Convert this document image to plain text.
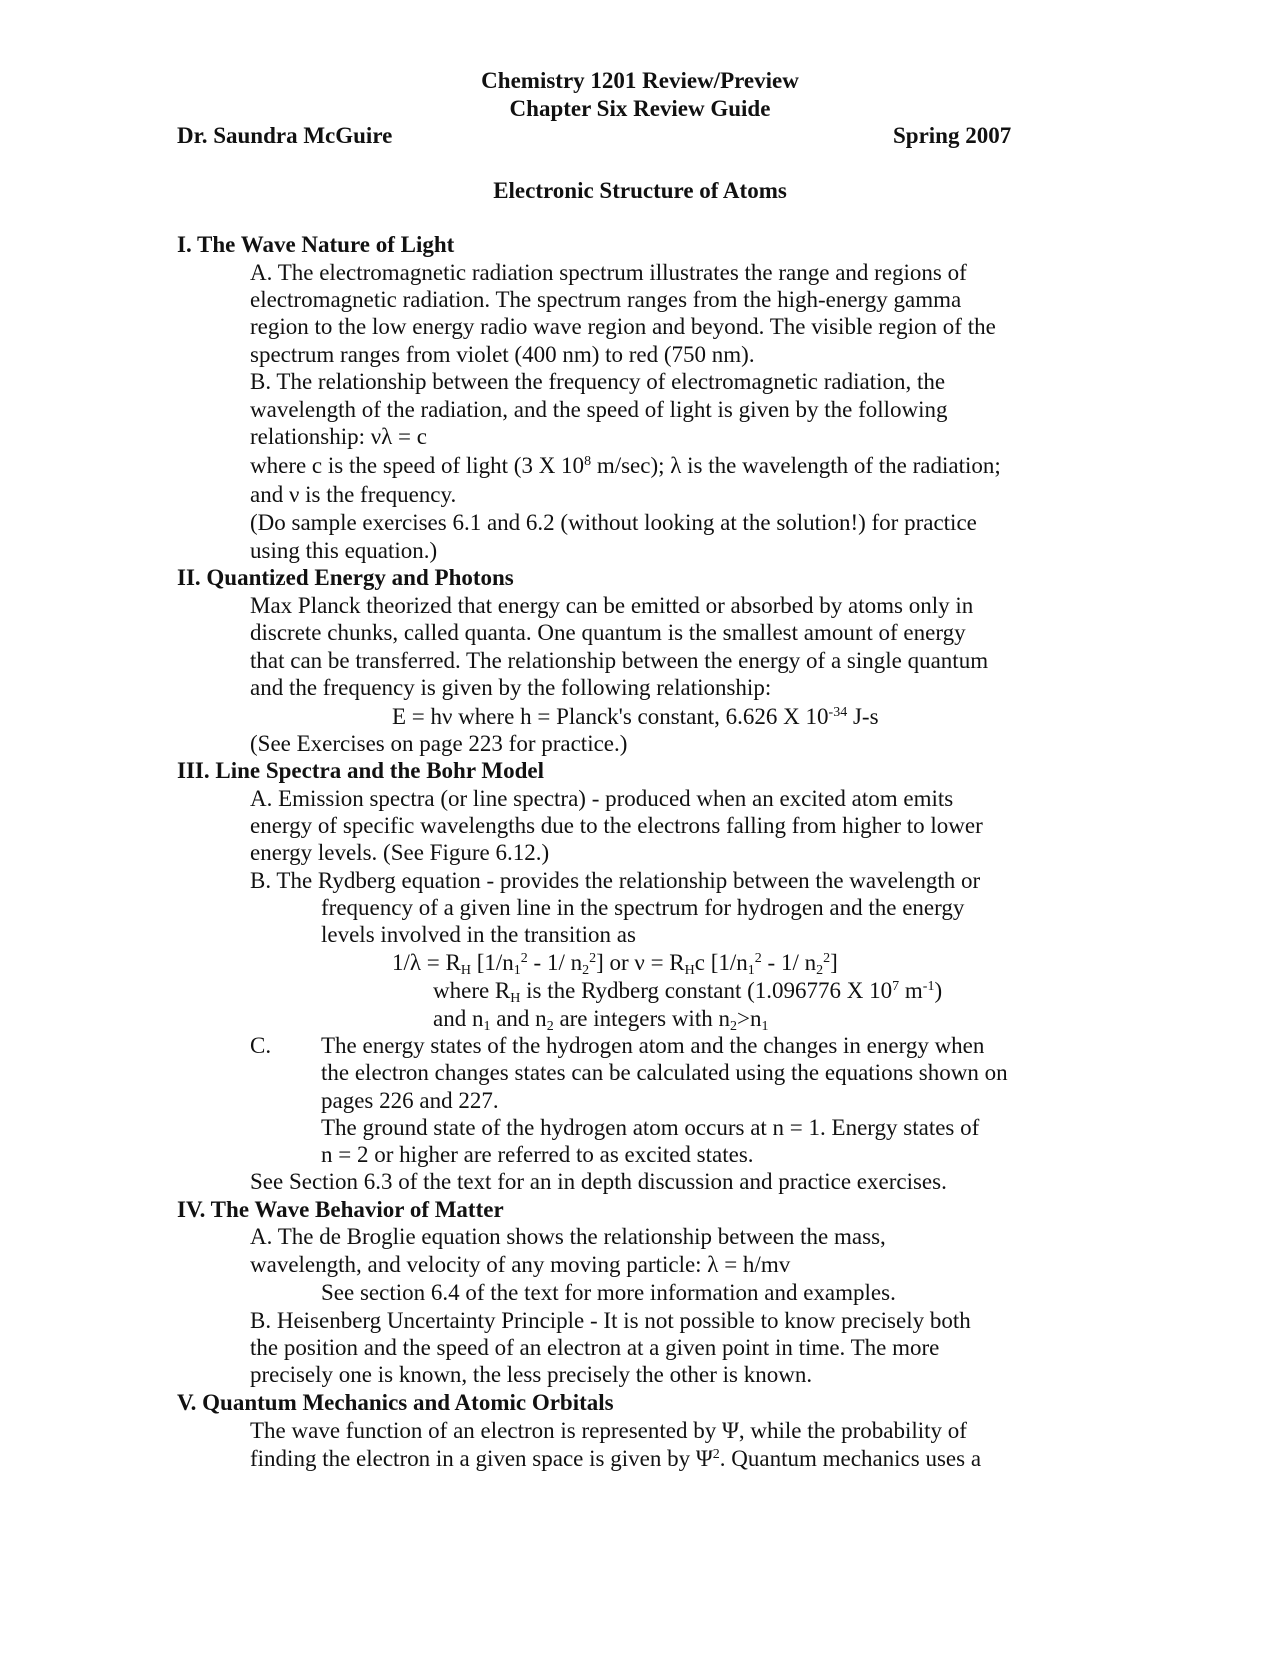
Chemistry 1201 Review/Preview
Chapter Six Review Guide
Dr. Saundra McGuire	Spring 2007
Electronic Structure of Atoms
I. The Wave Nature of Light
A. The electromagnetic radiation spectrum illustrates the range and regions of
electromagnetic radiation. The spectrum ranges from the high-energy gamma
region to the low energy radio wave region and beyond. The visible region of the
spectrum ranges from violet (400 nm) to red (750 nm).
B. The relationship between the frequency of electromagnetic radiation, the
wavelength of the radiation, and the speed of light is given by the following
relationship: νλ = c
where c is the speed of light (3 X $10^8$ m/sec); λ is the wavelength of the radiation;
and ν is the frequency.
(Do sample exercises 6.1 and 6.2 (without looking at the solution!) for practice
using this equation.)
II. Quantized Energy and Photons
Max Planck theorized that energy can be emitted or absorbed by atoms only in
discrete chunks, called quanta. One quantum is the smallest amount of energy
that can be transferred. The relationship between the energy of a single quantum
and the frequency is given by the following relationship:
E = hν where h = Planck's constant, 6.626 X $10^{-34}$ J-s
(See Exercises on page 223 for practice.)
III. Line Spectra and the Bohr Model
A. Emission spectra (or line spectra) - produced when an excited atom emits
energy of specific wavelengths due to the electrons falling from higher to lower
energy levels. (See Figure 6.12.)
B. The Rydberg equation - provides the relationship between the wavelength or
frequency of a given line in the spectrum for hydrogen and the energy
levels involved in the transition as
$1/\lambda = R_H$ [$1/n_1^2 - 1/$ $n_2^2$] or $\nu = R_Hc$ [$1/n_1^2 - 1/$ $n_2^2$]
where $R_H$ is the Rydberg constant (1.096776 X $10^7$ $m^{-1}$)
and $n_1$ and $n_2$ are integers with $n_2>n_1$
C. The energy states of the hydrogen atom and the changes in energy when
the electron changes states can be calculated using the equations shown on
pages 226 and 227.
The ground state of the hydrogen atom occurs at n = 1. Energy states of
n = 2 or higher are referred to as excited states.
See Section 6.3 of the text for an in depth discussion and practice exercises.
IV. The Wave Behavior of Matter
A. The de Broglie equation shows the relationship between the mass,
wavelength, and velocity of any moving particle: λ = h/mv
See section 6.4 of the text for more information and examples.
B. Heisenberg Uncertainty Principle - It is not possible to know precisely both
the position and the speed of an electron at a given point in time. The more
precisely one is known, the less precisely the other is known.
V. Quantum Mechanics and Atomic Orbitals
The wave function of an electron is represented by Ψ, while the probability of
finding the electron in a given space is given by $\Psi^2$. Quantum mechanics uses a
